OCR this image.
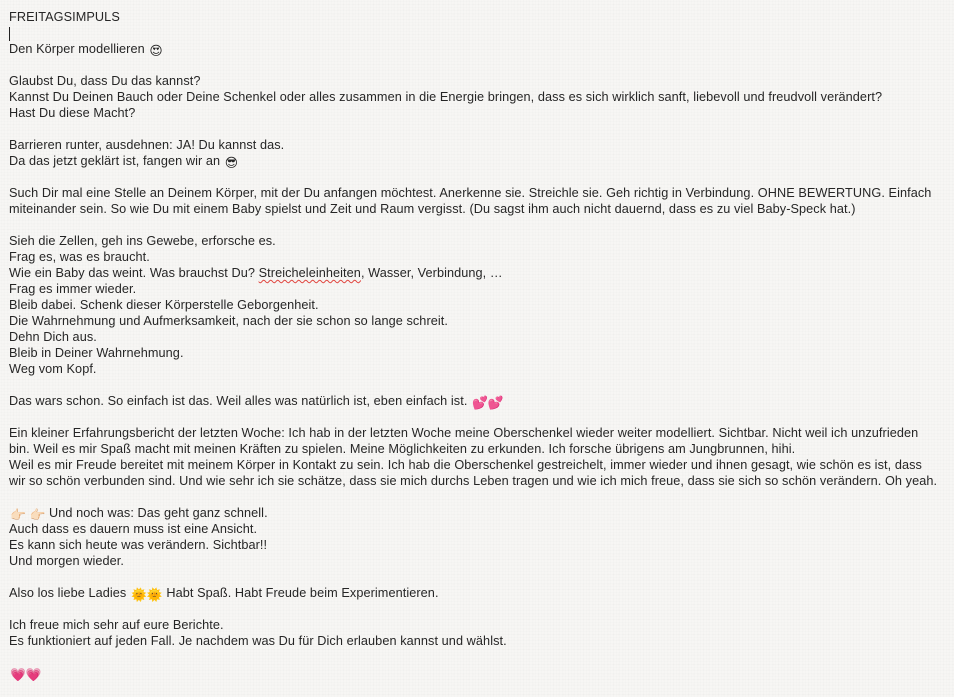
FREITAGSIMPULS
Den Körper modellieren 😍
Glaubst Du, dass Du das kannst?
Kannst Du Deinen Bauch oder Deine Schenkel oder alles zusammen in die Energie bringen, dass es sich wirklich sanft, liebevoll und freudvoll verändert?
Hast Du diese Macht?
Barrieren runter, ausdehnen: JA! Du kannst das.
Da das jetzt geklärt ist, fangen wir an 😎
Such Dir mal eine Stelle an Deinem Körper, mit der Du anfangen möchtest. Anerkenne sie. Streichle sie. Geh richtig in Verbindung. OHNE BEWERTUNG. Einfach miteinander sein. So wie Du mit einem Baby spielst und Zeit und Raum vergisst. (Du sagst ihm auch nicht dauernd, dass es zu viel Baby-Speck hat.)
Sieh die Zellen, geh ins Gewebe, erforsche es.
Frag es, was es braucht.
Wie ein Baby das weint. Was brauchst Du? Streicheleinheiten, Wasser, Verbindung, …
Frag es immer wieder.
Bleib dabei. Schenk dieser Körperstelle Geborgenheit.
Die Wahrnehmung und Aufmerksamkeit, nach der sie schon so lange schreit.
Dehn Dich aus.
Bleib in Deiner Wahrnehmung.
Weg vom Kopf.
Das wars schon. So einfach ist das. Weil alles was natürlich ist, eben einfach ist. 💕💕
Ein kleiner Erfahrungsbericht der letzten Woche: Ich hab in der letzten Woche meine Oberschenkel wieder weiter modelliert. Sichtbar. Nicht weil ich unzufrieden bin. Weil es mir Spaß macht mit meinen Kräften zu spielen. Meine Möglichkeiten zu erkunden. Ich forsche übrigens am Jungbrunnen, hihi.
Weil es mir Freude bereitet mit meinem Körper in Kontakt zu sein. Ich hab die Oberschenkel gestreichelt, immer wieder und ihnen gesagt, wie schön es ist, dass wir so schön verbunden sind. Und wie sehr ich sie schätze, dass sie mich durchs Leben tragen und wie ich mich freue, dass sie sich so schön verändern. Oh yeah.
👉🏻 👉🏻 Und noch was: Das geht ganz schnell.
Auch dass es dauern muss ist eine Ansicht.
Es kann sich heute was verändern. Sichtbar!!
Und morgen wieder.
Also los liebe Ladies 🌞🌞 Habt Spaß. Habt Freude beim Experimentieren.
Ich freue mich sehr auf eure Berichte.
Es funktioniert auf jeden Fall. Je nachdem was Du für Dich erlauben kannst und wählst.
💗💗
